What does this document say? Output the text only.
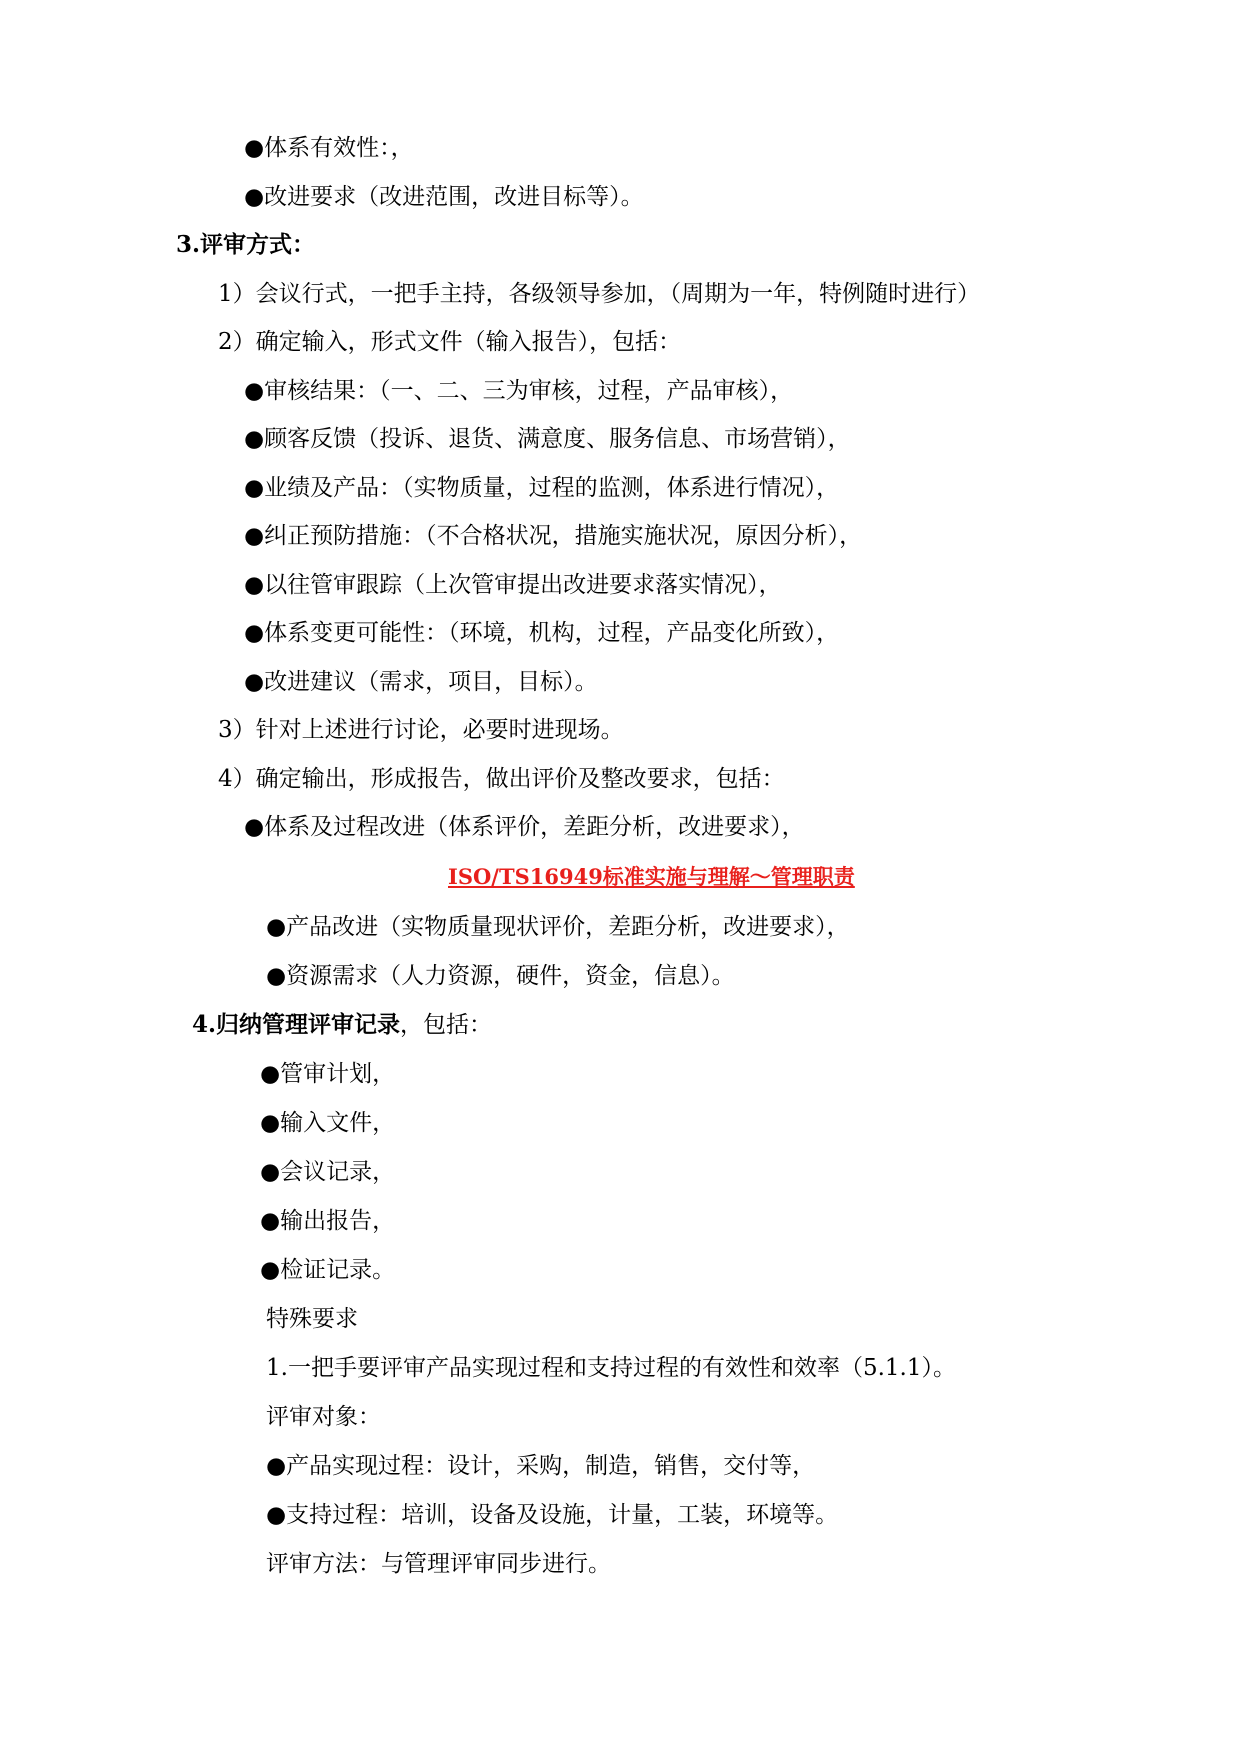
●体系有效性：，
●改进要求（改进范围，改进目标等）。
3.评审方式：
1）会议行式，一把手主持，各级领导参加，（周期为一年，特例随时进行）
2）确定输入，形式文件（输入报告），包括：
●审核结果：（一、二、三为审核，过程，产品审核），
●顾客反馈（投诉、退货、满意度、服务信息、市场营销），
●业绩及产品：（实物质量，过程的监测，体系进行情况），
●纠正预防措施：（不合格状况，措施实施状况，原因分析），
●以往管审跟踪（上次管审提出改进要求落实情况），
●体系变更可能性：（环境，机构，过程，产品变化所致），
●改进建议（需求，项目，目标）。
3）针对上述进行讨论，必要时进现场。
4）确定输出，形成报告，做出评价及整改要求，包括：
●体系及过程改进（体系评价，差距分析，改进要求），
ISO/TS16949标准实施与理解～管理职责
●产品改进（实物质量现状评价，差距分析，改进要求），
●资源需求（人力资源，硬件，资金，信息）。
4.归纳管理评审记录，包括：
●管审计划，
●输入文件，
●会议记录，
●输出报告，
●检证记录。
特殊要求
1.一把手要评审产品实现过程和支持过程的有效性和效率（5.1.1）。
评审对象：
●产品实现过程：设计，采购，制造，销售，交付等，
●支持过程：培训，设备及设施，计量，工装，环境等。
评审方法：与管理评审同步进行。
